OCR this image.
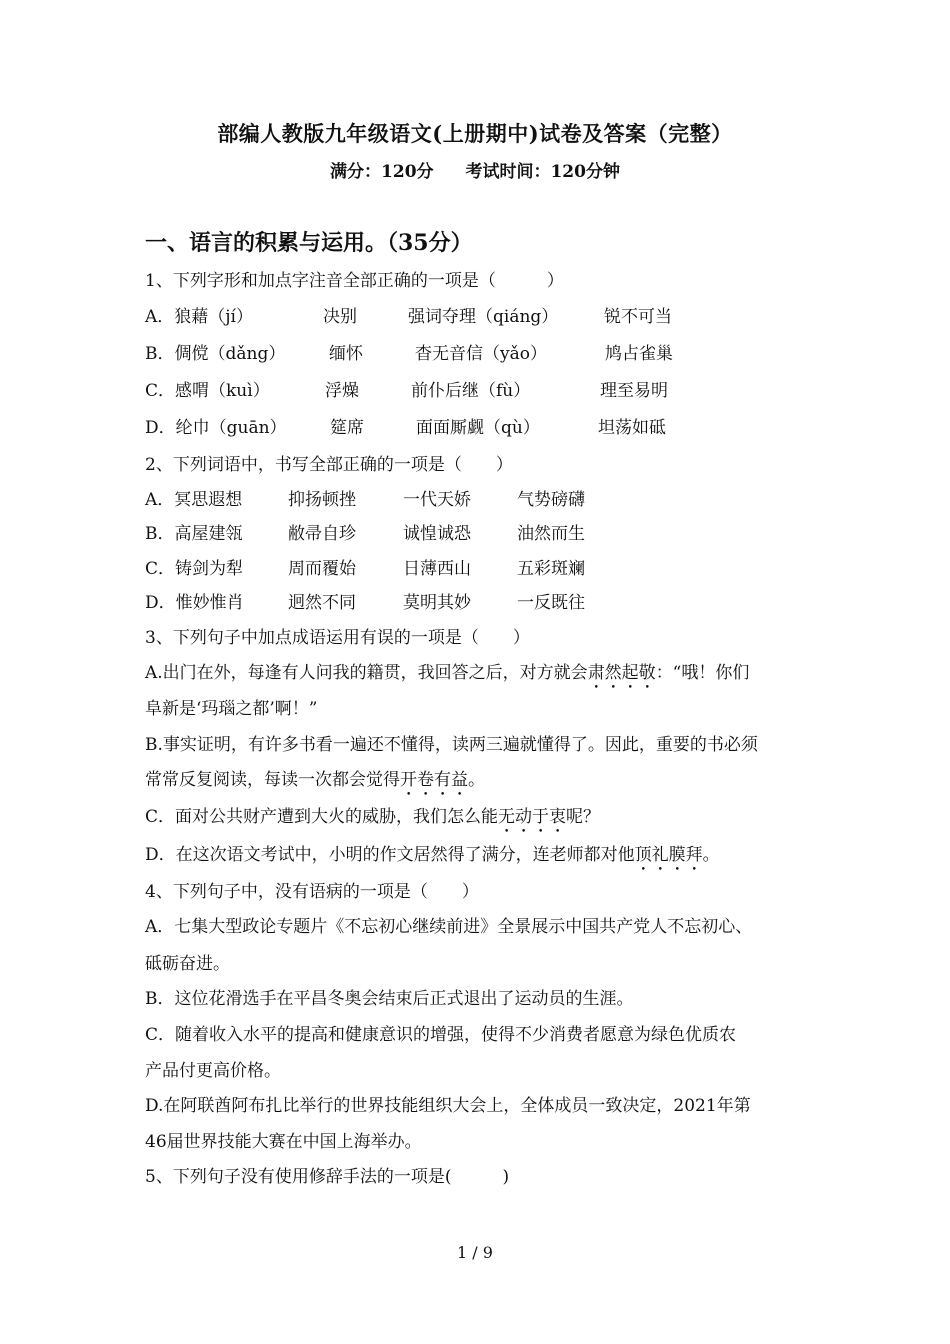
部编人教版九年级语文(上册期中)试卷及答案（完整）
满分：120分 考试时间：120分钟
一、语言的积累与运用。（35分）
1、下列字形和加点字注音全部正确的一项是（　　　）
A．狼藉（jí）	决别	强词夺理（qiáng）	锐不可当
B．倜傥（dǎng）	缅怀	杳无音信（yǎo）	鸠占雀巢
C．感喟（kuì）	浮燥	前仆后继（fù）	理至易明
D．纶巾（guān）	筵席	面面厮觑（qù）	坦荡如砥
2、下列词语中，书写全部正确的一项是（　　）
A．冥思遐想	抑扬顿挫	一代天娇	气势磅礴
B．高屋建瓴	敝帚自珍	诚惶诚恐	油然而生
C．铸剑为犁	周而覆始	日薄西山	五彩斑斓
D．惟妙惟肖	迥然不同	莫明其妙	一反既往
3、下列句子中加点成语运用有误的一项是（　　）
A.出门在外，每逢有人问我的籍贯，我回答之后，对方就会肃然起敬：“哦！你们
阜新是‘玛瑙之都’啊！”
B.事实证明，有许多书看一遍还不懂得，读两三遍就懂得了。因此，重要的书必须
常常反复阅读，每读一次都会觉得开卷有益。
C．面对公共财产遭到大火的威胁，我们怎么能无动于衷呢？
D．在这次语文考试中，小明的作文居然得了满分，连老师都对他顶礼膜拜。
4、下列句子中，没有语病的一项是（　　）
A．七集大型政论专题片《不忘初心继续前进》全景展示中国共产党人不忘初心、
砥砺奋进。
B．这位花滑选手在平昌冬奥会结束后正式退出了运动员的生涯。
C．随着收入水平的提高和健康意识的增强，使得不少消费者愿意为绿色优质农
产品付更高价格。
D.在阿联酋阿布扎比举行的世界技能组织大会上，全体成员一致决定，2021年第
46届世界技能大赛在中国上海举办。
5、下列句子没有使用修辞手法的一项是(　　　)
1 / 9
